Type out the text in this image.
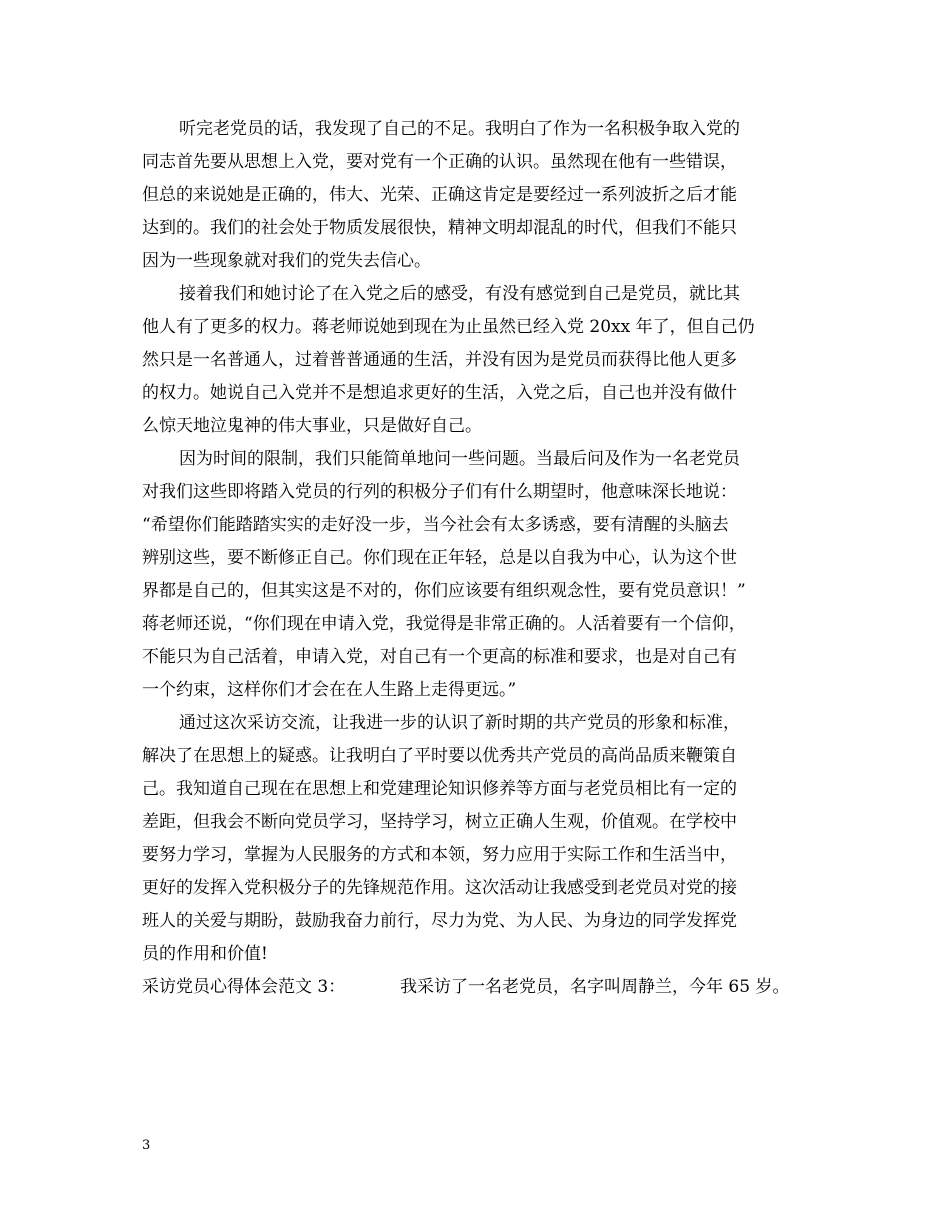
听完老党员的话，我发现了自己的不足。我明白了作为一名积极争取入党的
同志首先要从思想上入党，要对党有一个正确的认识。虽然现在他有一些错误，
但总的来说她是正确的，伟大、光荣、正确这肯定是要经过一系列波折之后才能
达到的。我们的社会处于物质发展很快，精神文明却混乱的时代，但我们不能只
因为一些现象就对我们的党失去信心。
接着我们和她讨论了在入党之后的感受，有没有感觉到自己是党员，就比其
他人有了更多的权力。蒋老师说她到现在为止虽然已经入党 20xx 年了，但自己仍
然只是一名普通人，过着普普通通的生活，并没有因为是党员而获得比他人更多
的权力。她说自己入党并不是想追求更好的生活，入党之后，自己也并没有做什
么惊天地泣鬼神的伟大事业，只是做好自己。
因为时间的限制，我们只能简单地问一些问题。当最后问及作为一名老党员
对我们这些即将踏入党员的行列的积极分子们有什么期望时，他意味深长地说：
“希望你们能踏踏实实的走好没一步，当今社会有太多诱惑，要有清醒的头脑去
辨别这些，要不断修正自己。你们现在正年轻，总是以自我为中心，认为这个世
界都是自己的，但其实这是不对的，你们应该要有组织观念性，要有党员意识！”
蒋老师还说，“你们现在申请入党，我觉得是非常正确的。人活着要有一个信仰，
不能只为自己活着，申请入党，对自己有一个更高的标准和要求，也是对自己有
一个约束，这样你们才会在在人生路上走得更远。”
通过这次采访交流，让我进一步的认识了新时期的共产党员的形象和标准，
解决了在思想上的疑惑。让我明白了平时要以优秀共产党员的高尚品质来鞭策自
己。我知道自己现在在思想上和党建理论知识修养等方面与老党员相比有一定的
差距，但我会不断向党员学习，坚持学习，树立正确人生观，价值观。在学校中
要努力学习，掌握为人民服务的方式和本领，努力应用于实际工作和生活当中，
更好的发挥入党积极分子的先锋规范作用。这次活动让我感受到老党员对党的接
班人的关爱与期盼，鼓励我奋力前行，尽力为党、为人民、为身边的同学发挥党
员的作用和价值!
采访党员心得体会范文 3：	我采访了一名老党员，名字叫周静兰，今年 65 岁。
3
